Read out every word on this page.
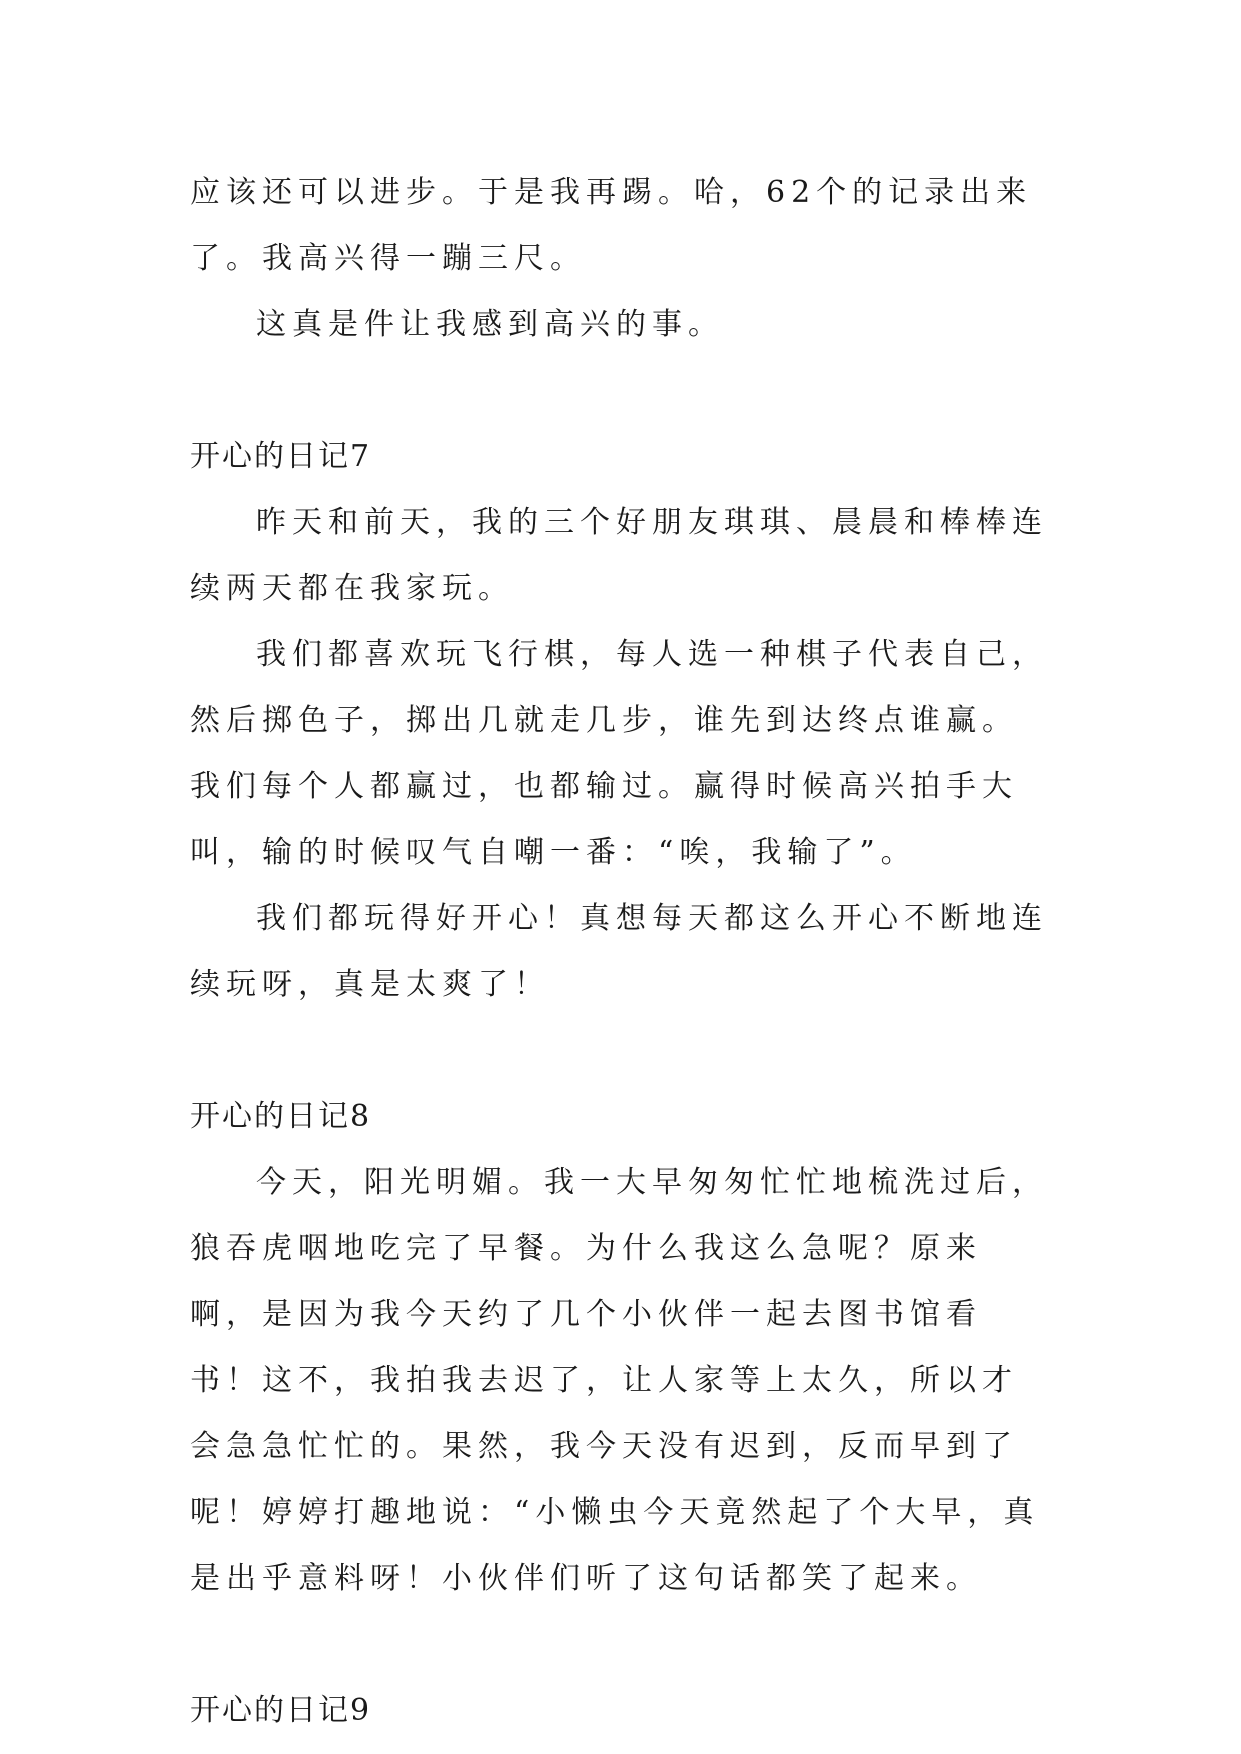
应该还可以进步。于是我再踢。哈，62个的记录出来了。我高兴得一蹦三尺。

这真是件让我感到高兴的事。

开心的日记7

昨天和前天，我的三个好朋友琪琪、晨晨和棒棒连续两天都在我家玩。

我们都喜欢玩飞行棋，每人选一种棋子代表自己，然后掷色子，掷出几就走几步，谁先到达终点谁赢。我们每个人都赢过，也都输过。赢得时候高兴拍手大叫，输的时候叹气自嘲一番：“唉，我输了”。

我们都玩得好开心！真想每天都这么开心不断地连续玩呀，真是太爽了！

开心的日记8

今天，阳光明媚。我一大早匆匆忙忙地梳洗过后，狼吞虎咽地吃完了早餐。为什么我这么急呢？原来啊，是因为我今天约了几个小伙伴一起去图书馆看书！这不，我拍我去迟了，让人家等上太久，所以才会急急忙忙的。果然，我今天没有迟到，反而早到了呢！婷婷打趣地说：“小懒虫今天竟然起了个大早，真是出乎意料呀！小伙伴们听了这句话都笑了起来。

开心的日记9
